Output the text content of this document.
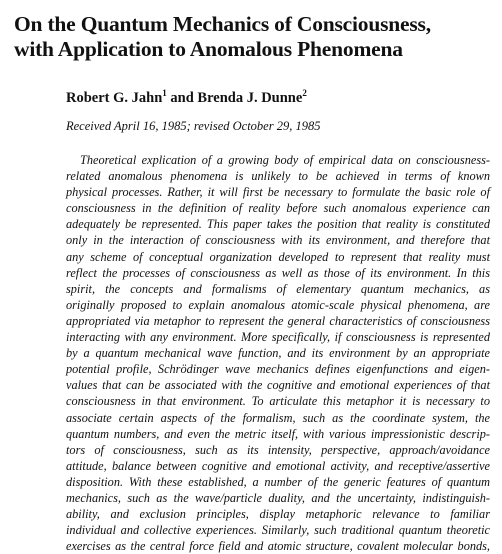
On the Quantum Mechanics of Consciousness,
with Application to Anomalous Phenomena
Robert G. Jahn$^1$ and Brenda J. Dunne$^2$
Received April 16, 1985; revised October 29, 1985
Theoretical explication of a growing body of empirical data on consciousness-
related anomalous phenomena is unlikely to be achieved in terms of known
physical processes. Rather, it will first be necessary to formulate the basic role of
consciousness in the definition of reality before such anomalous experience can
adequately be represented. This paper takes the position that reality is constituted
only in the interaction of consciousness with its environment, and therefore that
any scheme of conceptual organization developed to represent that reality must
reflect the processes of consciousness as well as those of its environment. In this
spirit, the concepts and formalisms of elementary quantum mechanics, as
originally proposed to explain anomalous atomic-scale physical phenomena, are
appropriated via metaphor to represent the general characteristics of consciousness
interacting with any environment. More specifically, if consciousness is represented
by a quantum mechanical wave function, and its environment by an appropriate
potential profile, Schrödinger wave mechanics defines eigenfunctions and eigen-
values that can be associated with the cognitive and emotional experiences of that
consciousness in that environment. To articulate this metaphor it is necessary to
associate certain aspects of the formalism, such as the coordinate system, the
quantum numbers, and even the metric itself, with various impressionistic descrip-
tors of consciousness, such as its intensity, perspective, approach/avoidance
attitude, balance between cognitive and emotional activity, and receptive/assertive
disposition. With these established, a number of the generic features of quantum
mechanics, such as the wave/particle duality, and the uncertainty, indistinguish-
ability, and exclusion principles, display metaphoric relevance to familiar
individual and collective experiences. Similarly, such traditional quantum theoretic
exercises as the central force field and atomic structure, covalent molecular bonds,
